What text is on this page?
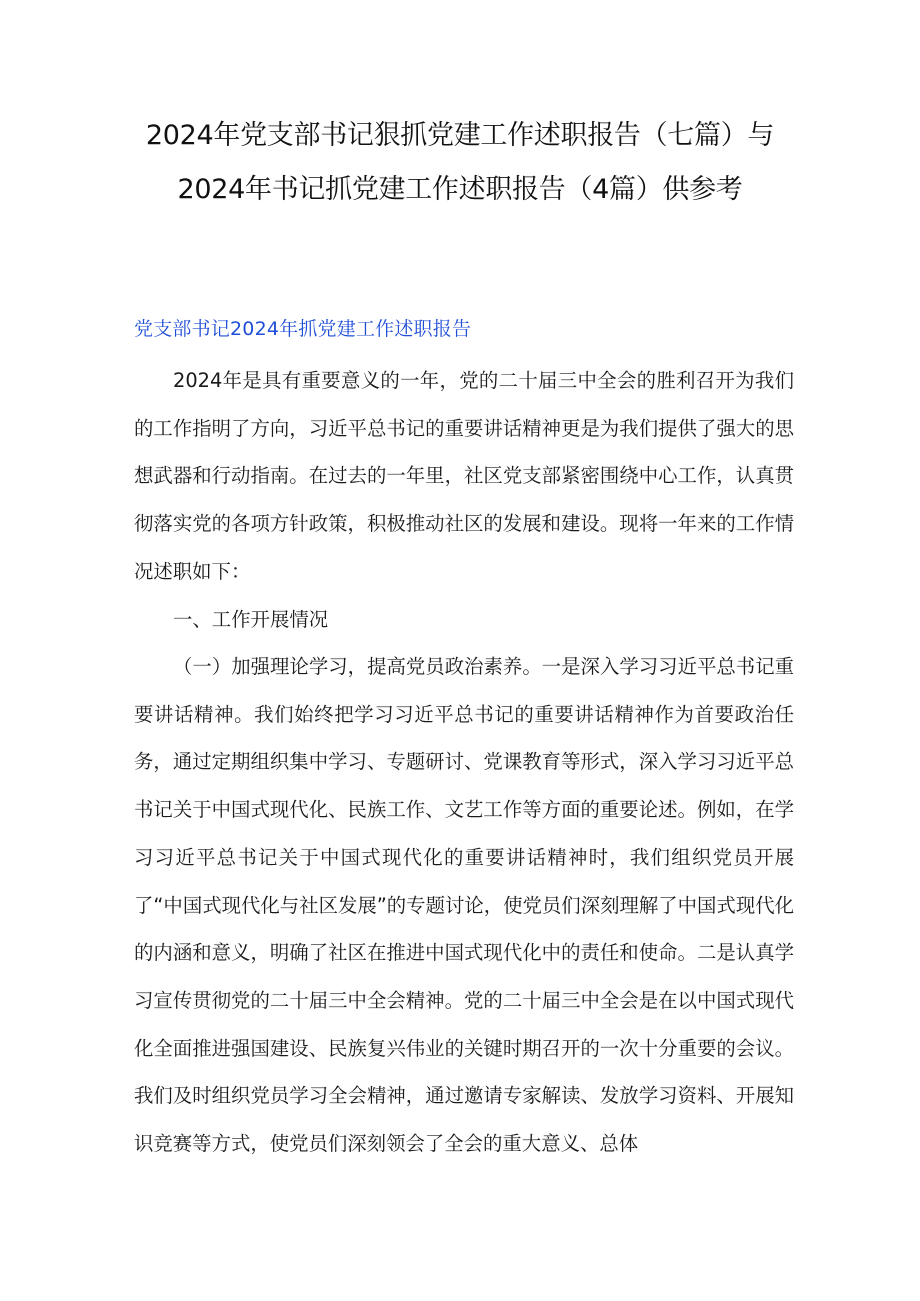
2024年党支部书记狠抓党建工作述职报告（七篇）与
2024年书记抓党建工作述职报告（4篇）供参考
党支部书记2024年抓党建工作述职报告

2024年是具有重要意义的一年，党的二十届三中全会的胜利召开为我们的工作指明了方向，习近平总书记的重要讲话精神更是为我们提供了强大的思想武器和行动指南。在过去的一年里，社区党支部紧密围绕中心工作，认真贯彻落实党的各项方针政策，积极推动社区的发展和建设。现将一年来的工作情况述职如下：

一、工作开展情况

（一）加强理论学习，提高党员政治素养。一是深入学习习近平总书记重要讲话精神。我们始终把学习习近平总书记的重要讲话精神作为首要政治任务，通过定期组织集中学习、专题研讨、党课教育等形式，深入学习习近平总书记关于中国式现代化、民族工作、文艺工作等方面的重要论述。例如，在学习习近平总书记关于中国式现代化的重要讲话精神时，我们组织党员开展了“中国式现代化与社区发展”的专题讨论，使党员们深刻理解了中国式现代化的内涵和意义，明确了社区在推进中国式现代化中的责任和使命。二是认真学习宣传贯彻党的二十届三中全会精神。党的二十届三中全会是在以中国式现代化全面推进强国建设、民族复兴伟业的关键时期召开的一次十分重要的会议。我们及时组织党员学习全会精神，通过邀请专家解读、发放学习资料、开展知识竞赛等方式，使党员们深刻领会了全会的重大意义、总体
